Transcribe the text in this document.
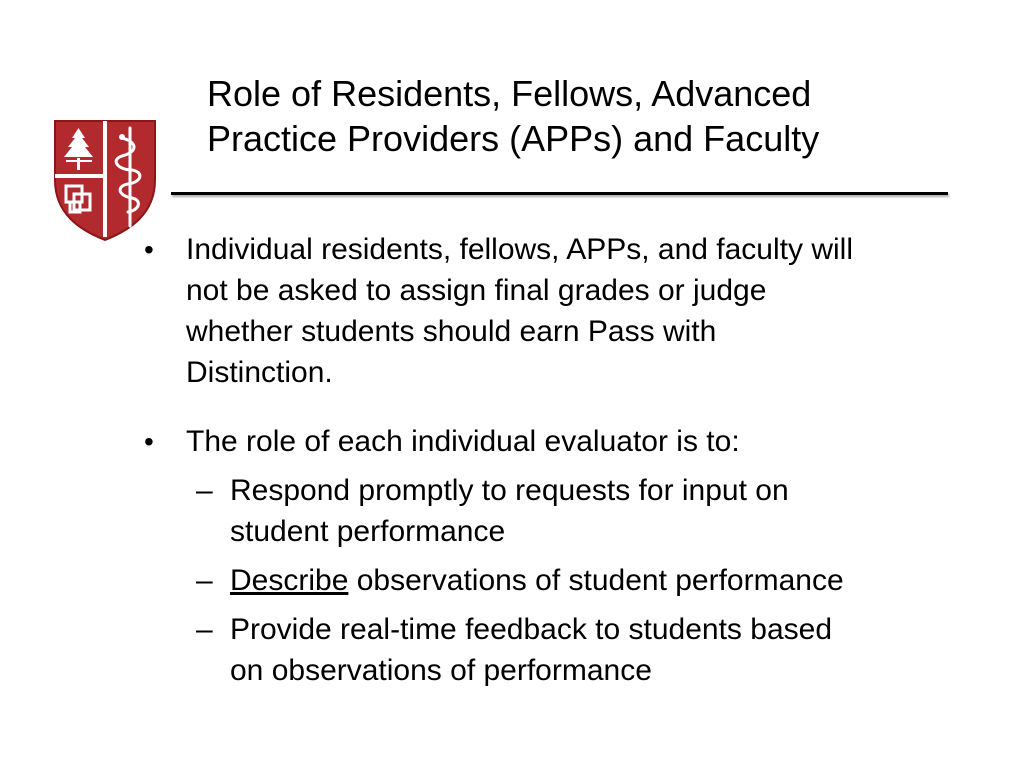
Role of Residents, Fellows, Advanced
Practice Providers (APPs) and Faculty
• Individual residents, fellows, APPs, and faculty will
not be asked to assign final grades or judge
whether students should earn Pass with
Distinction.
• The role of each individual evaluator is to:
– Respond promptly to requests for input on
student performance
– Describe observations of student performance
– Provide real-time feedback to students based
on observations of performance
